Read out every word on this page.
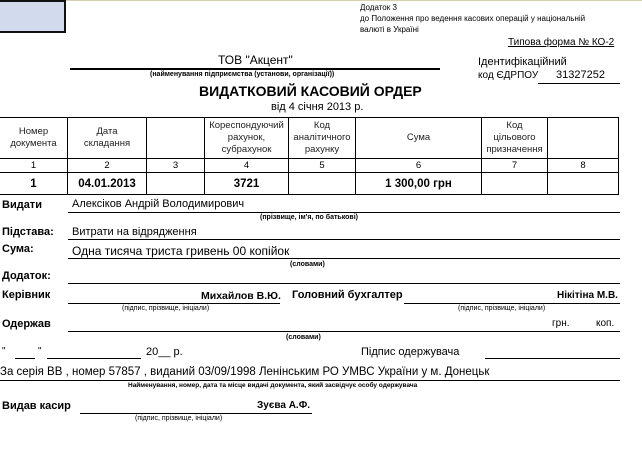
Додаток 3
до Положення про ведення касових операцій у національній
валюті в Україні
Типова форма № КО-2
ТОВ "Акцент"
(найменування підприємства (установи, організації))
Ідентифікаційний
код ЄДРПОУ 31327252
ВИДАТКОВИЙ КАСОВИЙ ОРДЕР
від 4 січня 2013 р.
Номер
документа	Дата
складання		Кореспондуючий
рахунок,
субрахунок	Код
аналітичного
рахунку	Сума	Код
цільового
призначення	
1	2	3	4	5	6	7	8
1	04.01.2013		3721		1 300,00 грн		
Видати	Алексіков Андрій Володимирович
(прізвище, ім'я, по батькові)
Підстава: Витрати на відрядження
Сума:	Одна тисяча триста гривень 00 копійок
(словами)
Додаток:
Керівник	Михайлов В.Ю.
(підпис, прізвище, ініціали)
Головний бухгалтер	Нікітіна М.В.
(підпис, прізвище, ініціали)
Одержав	грн.	коп.
(словами)
"	"	20__ р.	Підпис одержувача
За серія ВВ , номер 57857 , виданий 03/09/1998 Ленінським РО УМВС України у м. Донецьк
Найменування, номер, дата та місце видачі документа, який засвідчує особу одержувача
Видав касир	Зуєва А.Ф.
(підпис, прізвище, ініціали)
